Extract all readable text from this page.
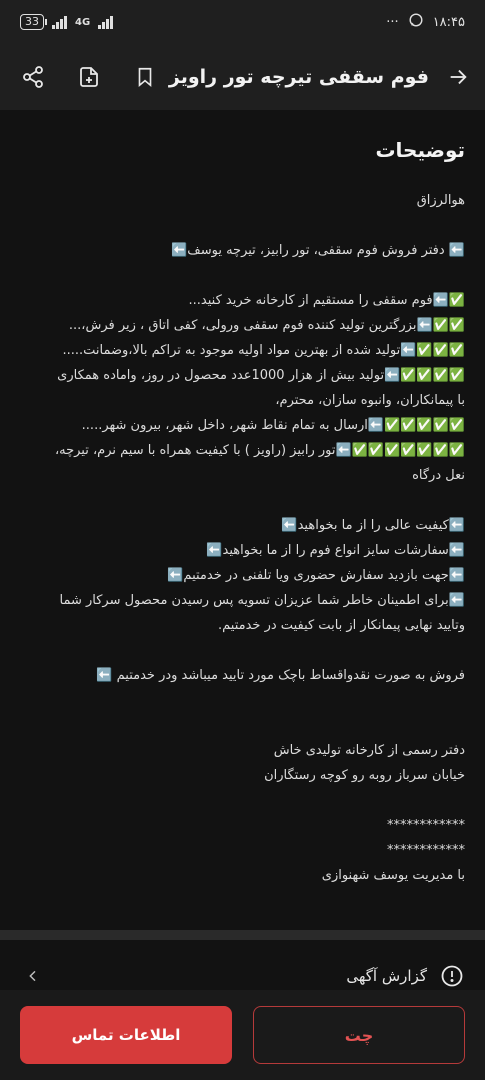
33	4G	···	۱۸:۴۵
فوم سقفی تیرچه تور راویز
توضیحات

هوالرزاق

⬅️ دفتر فروش فوم سقفی، تور رابیز، تیرچه یوسف⬅️

✅⬅️فوم سقفی را مستقیم از کارخانه خرید کنید...

✅✅⬅️بزرگترین تولید کننده فوم سقفی ورولی، کفی اتاق ، زیر فرش،...

✅✅✅⬅️تولید شده از بهترین مواد اولیه موجود به تراکم بالا،وضمانت.....

✅✅✅✅⬅️تولید بیش از هزار 1000عدد محصول در روز، وامادە همکاری

با پیمانکاران، وانبوه سازان، محترم،

✅✅✅✅✅⬅️ارسال به تمام نقاط شهر، داخل شهر، بیرون شهر.....

✅✅✅✅✅✅✅⬅️تور رابیز (راویز ) با کیفیت همراه با سیم نرم، تیرچه،

نعل درگاه

⬅️کیفیت عالی را از ما بخواهید⬅️

⬅️سفارشات سایز انواع فوم را از ما بخواهید⬅️

⬅️جهت بازدید سفارش حضوری ویا تلفنی در خدمتیم⬅️

⬅️برای اطمینان خاطر شما عزیزان تسویه پس رسیدن محصول سرکار شما

وتایید نهایی پیمانکار از بابت کیفیت در خدمتیم.

فروش به صورت نقدواقساط باچک مورد تایید میباشد ودر خدمتیم ⬅️

دفتر رسمی از کارخانه تولیدی خاش

خیابان سرباز روبه رو کوچه رستگاران

************

************

با مدیریت یوسف شهنوازی

گزارش آگهی
اطلاعات تماس	چت
